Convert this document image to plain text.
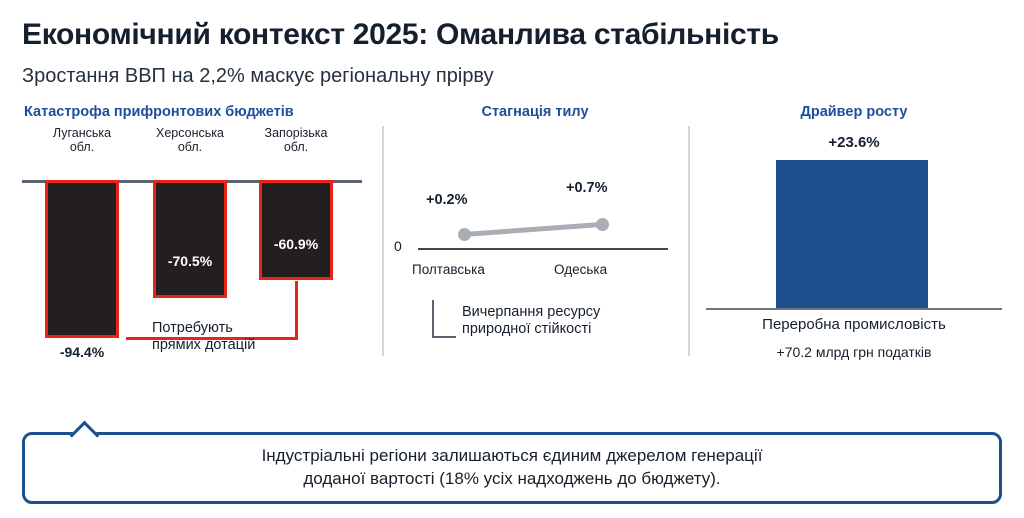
Економічний контекст 2025: Оманлива стабільність
Зростання ВВП на 2,2% маскує регіональну прірву
Катастрофа прифронтових бюджетів
Луганська
обл.
-94.4%
Херсонська
обл.
-70.5%
Запорізька
обл.
-60.9%
Потребують
прямих дотацій
Стагнація тилу
0
+0.2%
+0.7%
Полтавська	Одеська
Вичерпання ресурсу
природної стійкості
Драйвер росту
+23.6%
Переробна промисловість
+70.2 млрд грн податків
Індустріальні регіони залишаються єдиним джерелом генерації
доданої вартості (18% усіх надходжень до бюджету).
